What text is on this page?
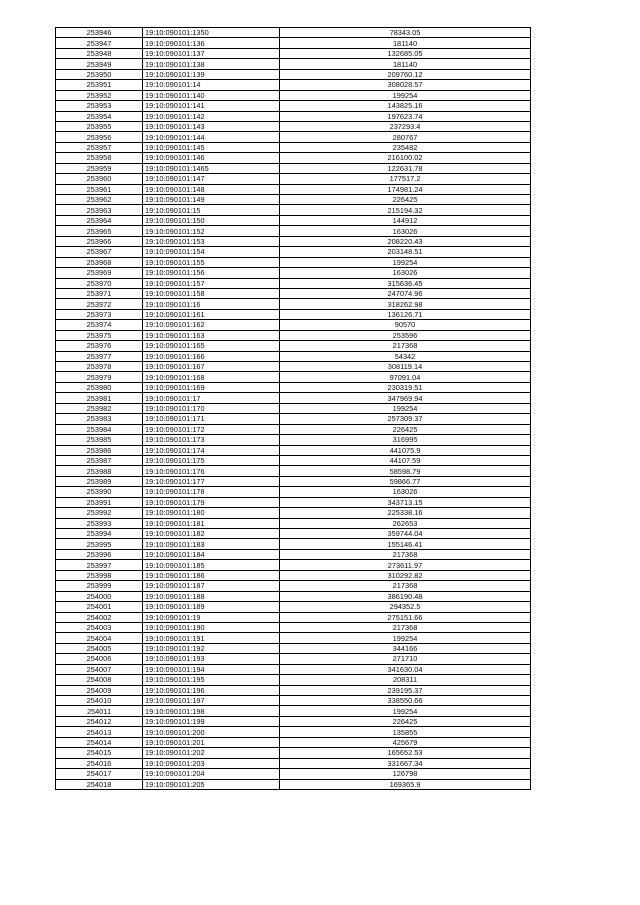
253946	19:10:090101:1350	78343.05
253947	19:10:090101:136	181140
253948	19:10:090101:137	132685.05
253949	19:10:090101:138	181140
253950	19:10:090101:139	209760.12
253951	19:10:090101:14	308028.57
253952	19:10:090101:140	199254
253953	19:10:090101:141	143825.16
253954	19:10:090101:142	197623.74
253955	19:10:090101:143	237293.4
253956	19:10:090101:144	280767
253957	19:10:090101:145	235482
253958	19:10:090101:146	216100.02
253959	19:10:090101:1465	122631.78
253960	19:10:090101:147	177517.2
253961	19:10:090101:148	174981.24
253962	19:10:090101:149	226425
253963	19:10:090101:15	215194.32
253964	19:10:090101:150	144912
253965	19:10:090101:152	163026
253966	19:10:090101:153	208220.43
253967	19:10:090101:154	203148.51
253968	19:10:090101:155	199254
253969	19:10:090101:156	163026
253970	19:10:090101:157	315636.45
253971	19:10:090101:158	247074.96
253972	19:10:090101:16	318262.98
253973	19:10:090101:161	136126.71
253974	19:10:090101:162	90570
253975	19:10:090101:163	253596
253976	19:10:090101:165	217368
253977	19:10:090101:166	54342
253978	19:10:090101:167	308119.14
253979	19:10:090101:168	97091.04
253980	19:10:090101:169	230319.51
253981	19:10:090101:17	347969.94
253982	19:10:090101:170	199254
253983	19:10:090101:171	257309.37
253984	19:10:090101:172	226425
253985	19:10:090101:173	316995
253986	19:10:090101:174	441075.9
253987	19:10:090101:175	44107.59
253988	19:10:090101:176	58598.79
253989	19:10:090101:177	59866.77
253990	19:10:090101:178	163026
253991	19:10:090101:179	343713.15
253992	19:10:090101:180	225338.16
253993	19:10:090101:181	262653
253994	19:10:090101:182	359744.04
253995	19:10:090101:183	155146.41
253996	19:10:090101:184	217368
253997	19:10:090101:185	273611.97
253998	19:10:090101:186	310292.82
253999	19:10:090101:187	217368
254000	19:10:090101:188	386190.48
254001	19:10:090101:189	294352.5
254002	19:10:090101:19	275151.66
254003	19:10:090101:190	217368
254004	19:10:090101:191	199254
254005	19:10:090101:192	344166
254006	19:10:090101:193	271710
254007	19:10:090101:194	341630.04
254008	19:10:090101:195	208311
254009	19:10:090101:196	239195.37
254010	19:10:090101:197	338550.66
254011	19:10:090101:198	199254
254012	19:10:090101:199	226425
254013	19:10:090101:200	135855
254014	19:10:090101:201	425679
254015	19:10:090101:202	165652.53
254016	19:10:090101:203	331667.34
254017	19:10:090101:204	126798
254018	19:10:090101:205	169365.9
